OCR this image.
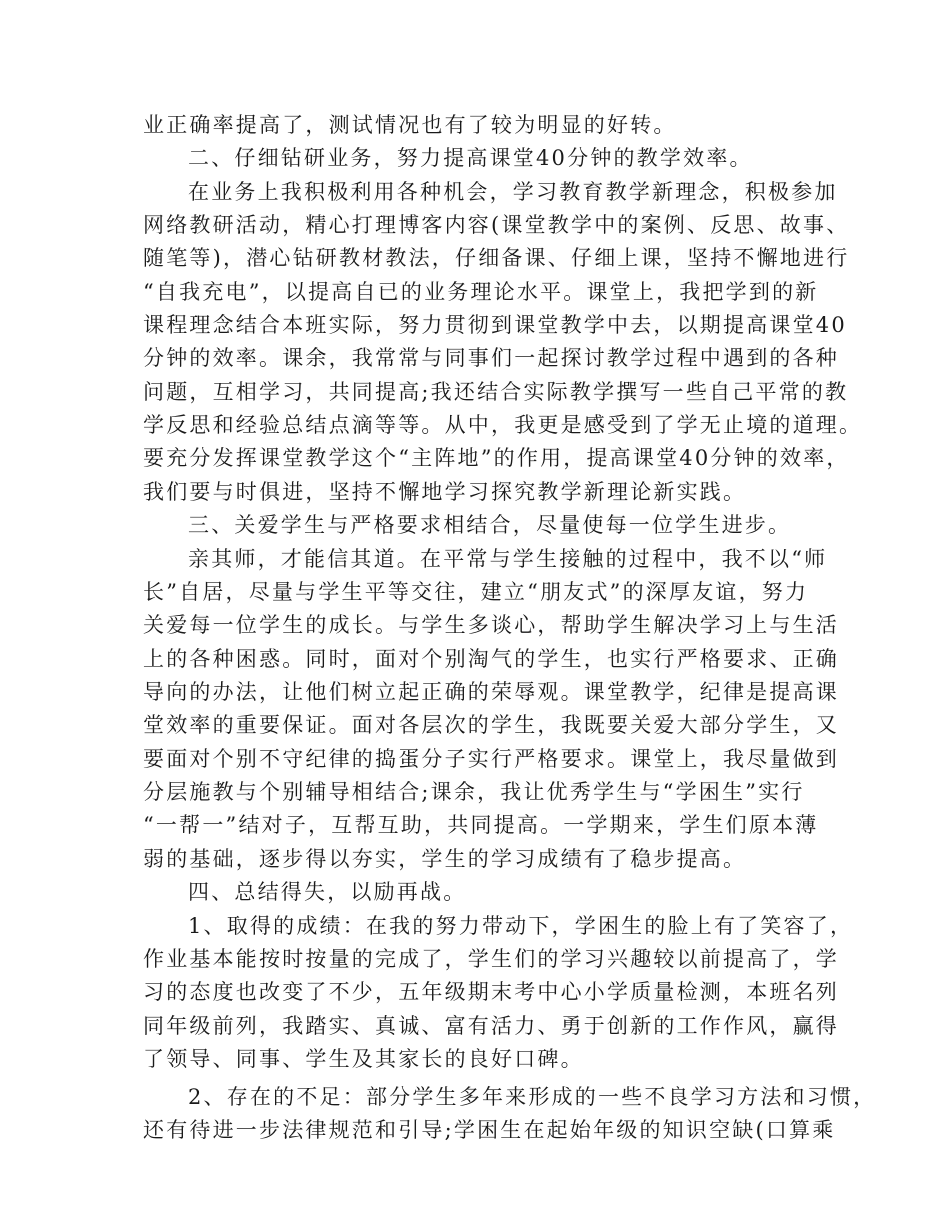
业正确率提高了，测试情况也有了较为明显的好转。
二、仔细钻研业务，努力提高课堂40分钟的教学效率。
在业务上我积极利用各种机会，学习教育教学新理念，积极参加
网络教研活动，精心打理博客内容(课堂教学中的案例、反思、故事、
随笔等)，潜心钻研教材教法，仔细备课、仔细上课，坚持不懈地进行
“自我充电”，以提高自已的业务理论水平。课堂上，我把学到的新
课程理念结合本班实际，努力贯彻到课堂教学中去，以期提高课堂40
分钟的效率。课余，我常常与同事们一起探讨教学过程中遇到的各种
问题，互相学习，共同提高;我还结合实际教学撰写一些自己平常的教
学反思和经验总结点滴等等。从中，我更是感受到了学无止境的道理。
要充分发挥课堂教学这个“主阵地”的作用，提高课堂40分钟的效率，
我们要与时俱进，坚持不懈地学习探究教学新理论新实践。
三、关爱学生与严格要求相结合，尽量使每一位学生进步。
亲其师，才能信其道。在平常与学生接触的过程中，我不以“师
长”自居，尽量与学生平等交往，建立“朋友式”的深厚友谊，努力
关爱每一位学生的成长。与学生多谈心，帮助学生解决学习上与生活
上的各种困惑。同时，面对个别淘气的学生，也实行严格要求、正确
导向的办法，让他们树立起正确的荣辱观。课堂教学，纪律是提高课
堂效率的重要保证。面对各层次的学生，我既要关爱大部分学生，又
要面对个别不守纪律的捣蛋分子实行严格要求。课堂上，我尽量做到
分层施教与个别辅导相结合;课余，我让优秀学生与“学困生”实行
“一帮一”结对子，互帮互助，共同提高。一学期来，学生们原本薄
弱的基础，逐步得以夯实，学生的学习成绩有了稳步提高。
四、总结得失，以励再战。
1、取得的成绩：在我的努力带动下，学困生的脸上有了笑容了，
作业基本能按时按量的完成了，学生们的学习兴趣较以前提高了，学
习的态度也改变了不少，五年级期末考中心小学质量检测，本班名列
同年级前列，我踏实、真诚、富有活力、勇于创新的工作作风，赢得
了领导、同事、学生及其家长的良好口碑。
2、存在的不足：部分学生多年来形成的一些不良学习方法和习惯，
还有待进一步法律规范和引导;学困生在起始年级的知识空缺(口算乘
